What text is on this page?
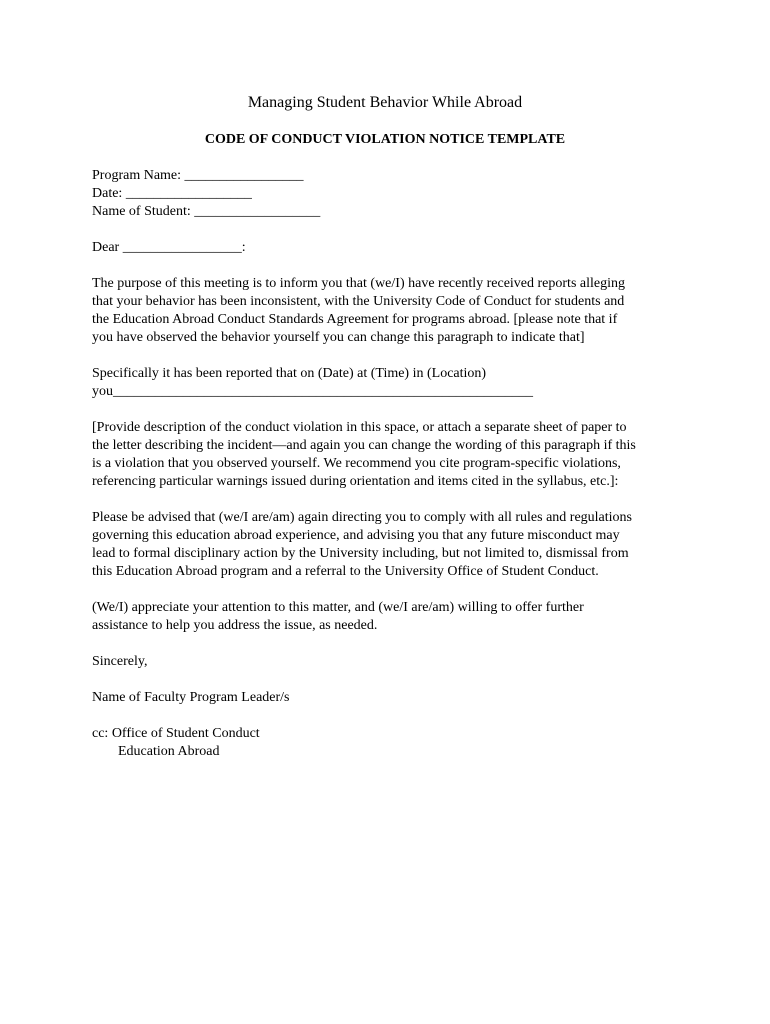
Managing Student Behavior While Abroad
CODE OF CONDUCT VIOLATION NOTICE TEMPLATE
Program Name: _________________
Date: __________________
Name of Student: __________________
Dear _________________:
The purpose of this meeting is to inform you that (we/I) have recently received reports alleging
that your behavior has been inconsistent, with the University Code of Conduct for students and
the Education Abroad Conduct Standards Agreement for programs abroad. [please note that if
you have observed the behavior yourself you can change this paragraph to indicate that]
Specifically it has been reported that on (Date) at (Time) in (Location)
you____________________________________________________________
[Provide description of the conduct violation in this space, or attach a separate sheet of paper to
the letter describing the incident—and again you can change the wording of this paragraph if this
is a violation that you observed yourself. We recommend you cite program-specific violations,
referencing particular warnings issued during orientation and items cited in the syllabus, etc.]:
Please be advised that (we/I are/am) again directing you to comply with all rules and regulations
governing this education abroad experience, and advising you that any future misconduct may
lead to formal disciplinary action by the University including, but not limited to, dismissal from
this Education Abroad program and a referral to the University Office of Student Conduct.
(We/I) appreciate your attention to this matter, and (we/I are/am) willing to offer further
assistance to help you address the issue, as needed.
Sincerely,
Name of Faculty Program Leader/s
cc: Office of Student Conduct
Education Abroad
